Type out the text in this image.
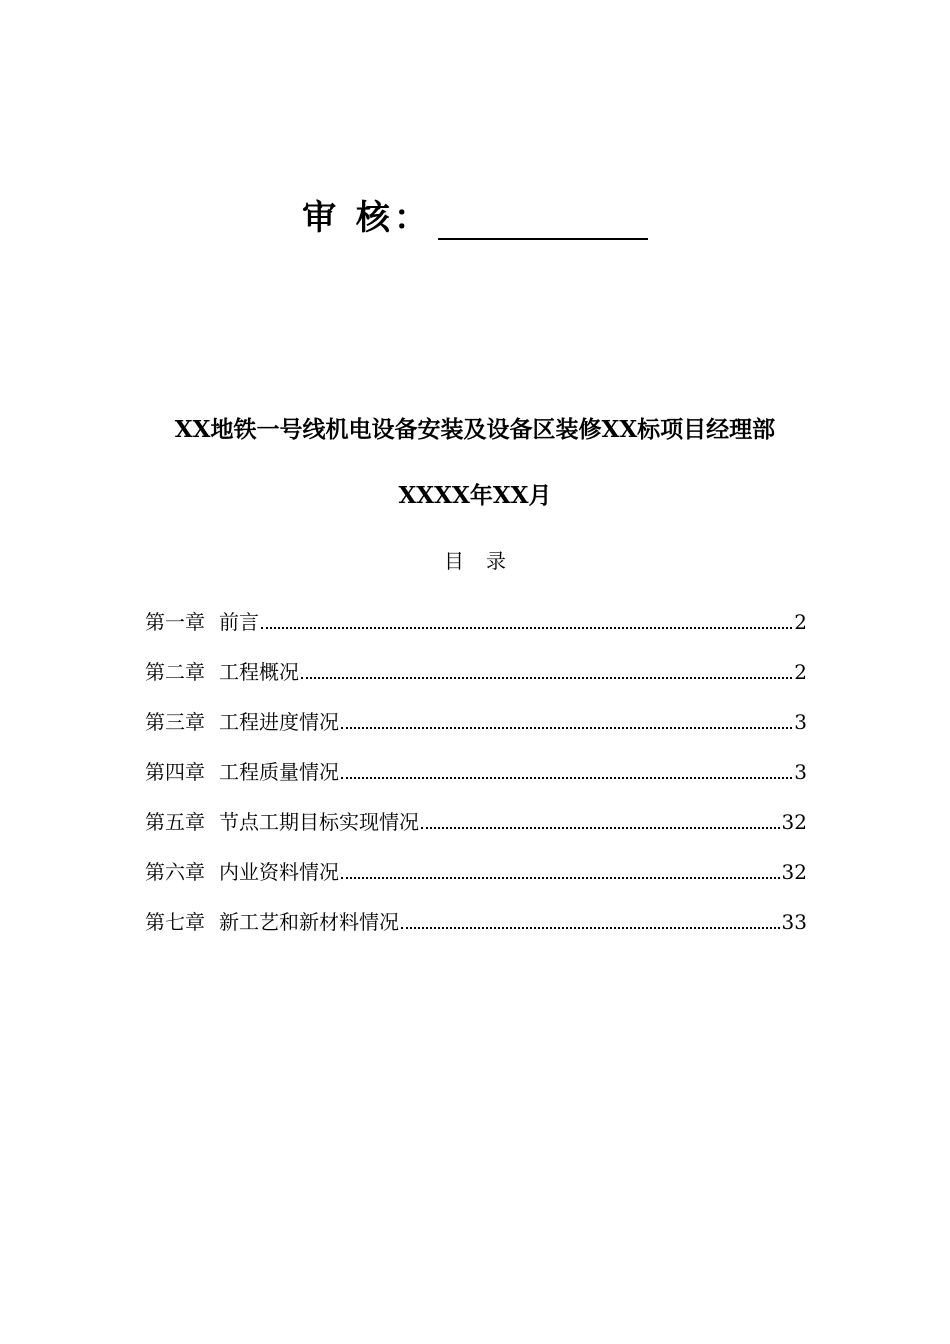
审 核：
XX地铁一号线机电设备安装及设备区装修XX标项目经理部
XXXX年XX月
目录
第一章 前言	2
第二章 工程概况	2
第三章 工程进度情况	3
第四章 工程质量情况	3
第五章 节点工期目标实现情况	32
第六章 内业资料情况	32
第七章 新工艺和新材料情况	33
